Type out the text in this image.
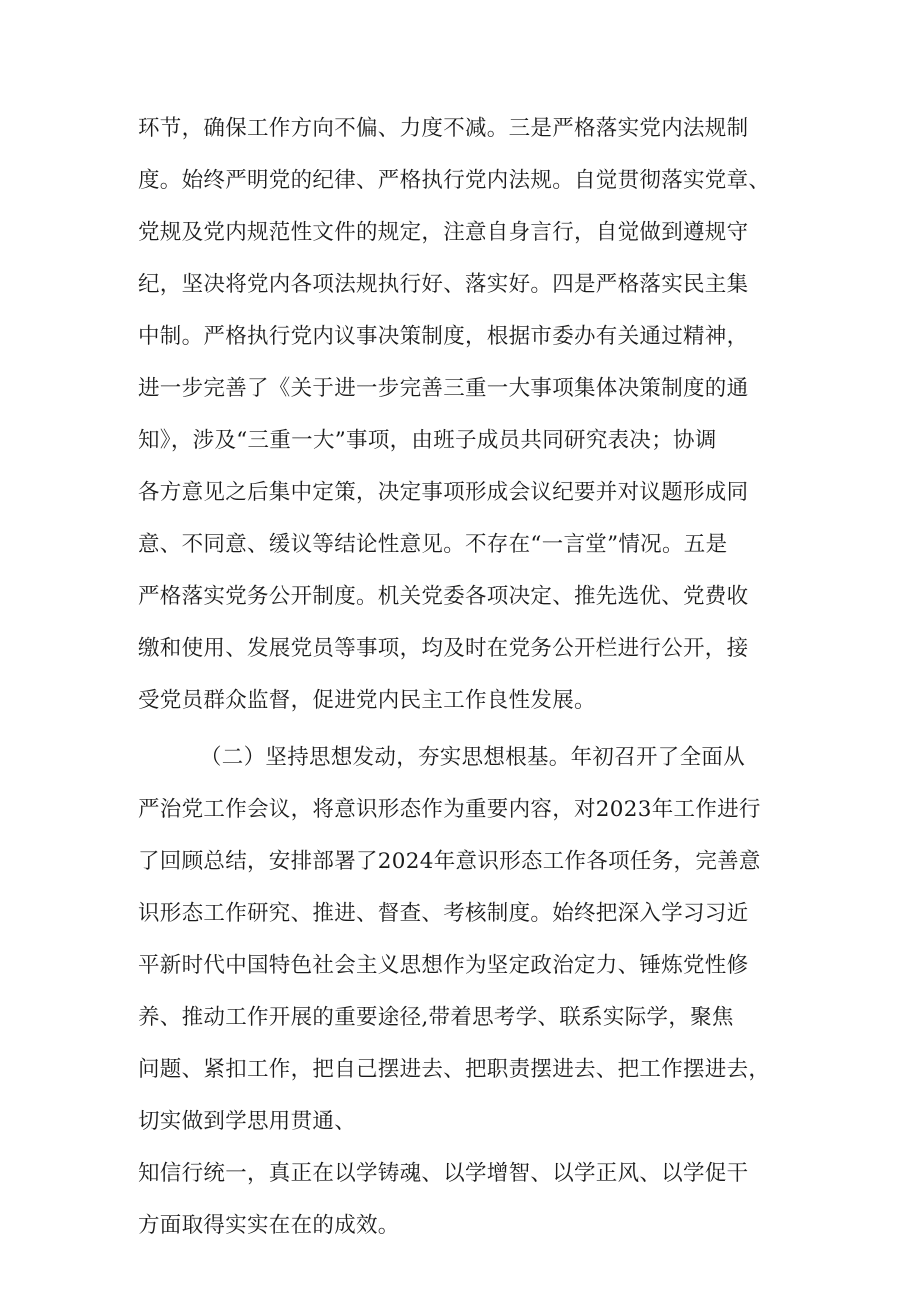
环节，确保工作方向不偏、力度不减。三是严格落实党内法规制
度。始终严明党的纪律、严格执行党内法规。自觉贯彻落实党章、
党规及党内规范性文件的规定，注意自身言行，自觉做到遵规守
纪，坚决将党内各项法规执行好、落实好。四是严格落实民主集
中制。严格执行党内议事决策制度，根据市委办有关通过精神，
进一步完善了《关于进一步完善三重一大事项集体决策制度的通
知》，涉及“三重一大”事项，由班子成员共同研究表决；协调
各方意见之后集中定策，决定事项形成会议纪要并对议题形成同
意、不同意、缓议等结论性意见。不存在“一言堂”情况。五是
严格落实党务公开制度。机关党委各项决定、推先选优、党费收
缴和使用、发展党员等事项，均及时在党务公开栏进行公开，接
受党员群众监督，促进党内民主工作良性发展。
（二）坚持思想发动，夯实思想根基。年初召开了全面从
严治党工作会议，将意识形态作为重要内容，对2023年工作进行
了回顾总结，安排部署了2024年意识形态工作各项任务，完善意
识形态工作研究、推进、督查、考核制度。始终把深入学习习近
平新时代中国特色社会主义思想作为坚定政治定力、锤炼党性修
养、推动工作开展的重要途径,带着思考学、联系实际学，聚焦
问题、紧扣工作，把自己摆进去、把职责摆进去、把工作摆进去，
切实做到学思用贯通、
知信行统一，真正在以学铸魂、以学增智、以学正风、以学促干
方面取得实实在在的成效。
